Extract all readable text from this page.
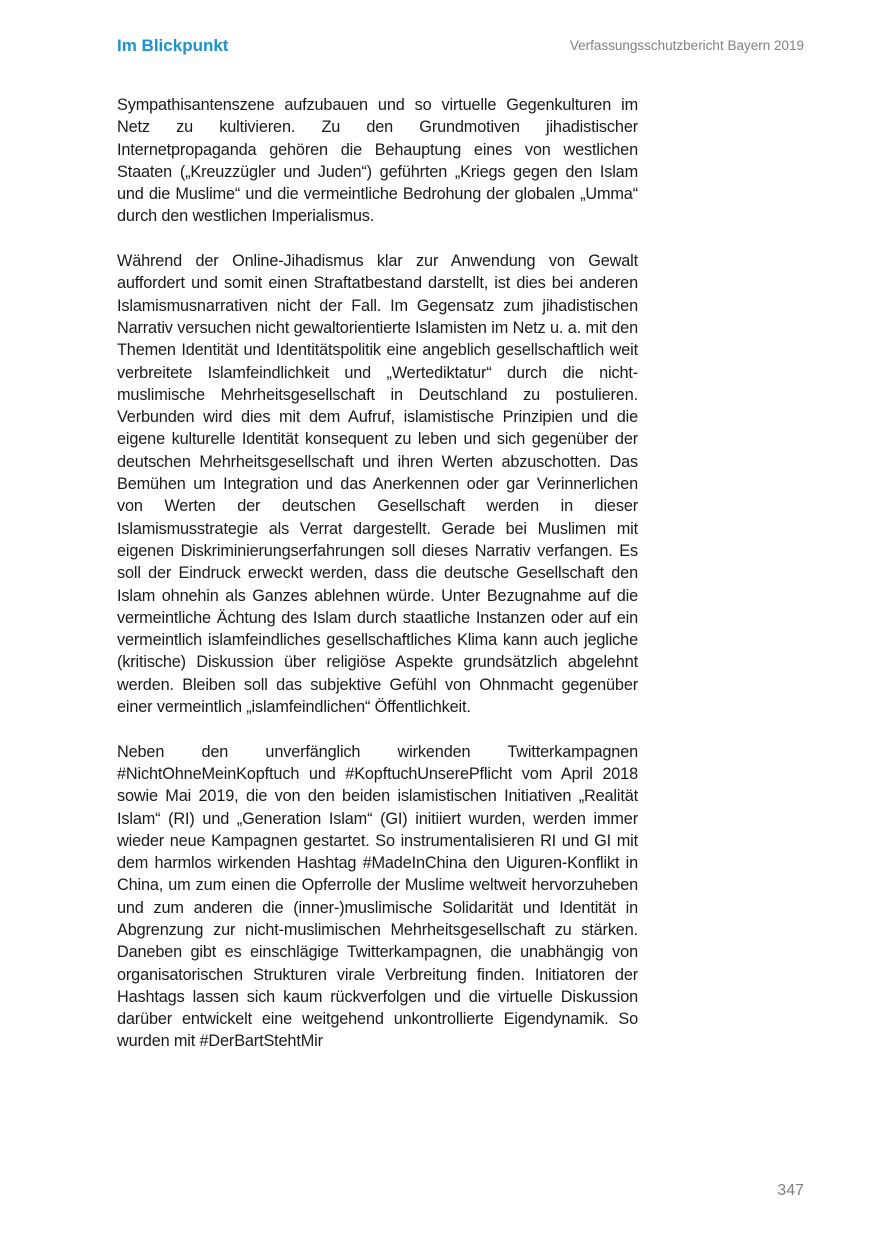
Im Blickpunkt	Verfassungsschutzbericht Bayern 2019

Sympathisantenszene aufzubauen und so virtuelle Gegenkulturen im Netz zu kultivieren. Zu den Grundmotiven jihadistischer Internetpropaganda gehören die Behauptung eines von westlichen Staaten („Kreuzzügler und Juden“) geführten „Kriegs gegen den Islam und die Muslime“ und die vermeintliche Bedrohung der globalen „Umma“ durch den westlichen Imperialismus.

Während der Online-Jihadismus klar zur Anwendung von Gewalt auffordert und somit einen Straftatbestand darstellt, ist dies bei anderen Islamismusnarrativen nicht der Fall. Im Gegensatz zum jihadistischen Narrativ versuchen nicht gewaltorientierte Islamisten im Netz u. a. mit den Themen Identität und Identitätspolitik eine angeblich gesellschaftlich weit verbreitete Islamfeindlichkeit und „Wertediktatur“ durch die nicht-muslimische Mehrheitsgesellschaft in Deutschland zu postulieren. Verbunden wird dies mit dem Aufruf, islamistische Prinzipien und die eigene kulturelle Identität konsequent zu leben und sich gegenüber der deutschen Mehrheitsgesellschaft und ihren Werten abzuschotten. Das Bemühen um Integration und das Anerkennen oder gar Verinnerlichen von Werten der deutschen Gesellschaft werden in dieser Islamismusstrategie als Verrat dargestellt. Gerade bei Muslimen mit eigenen Diskriminierungserfahrungen soll dieses Narrativ verfangen. Es soll der Eindruck erweckt werden, dass die deutsche Gesellschaft den Islam ohnehin als Ganzes ablehnen würde. Unter Bezugnahme auf die vermeintliche Ächtung des Islam durch staatliche Instanzen oder auf ein vermeintlich islamfeindliches gesellschaftliches Klima kann auch jegliche (kritische) Diskussion über religiöse Aspekte grundsätzlich abgelehnt werden. Bleiben soll das subjektive Gefühl von Ohnmacht gegenüber einer vermeintlich „islamfeindlichen“ Öffentlichkeit.

Neben den unverfänglich wirkenden Twitterkampagnen #NichtOhneMeinKopftuch und #KopftuchUnserePflicht vom April 2018 sowie Mai 2019, die von den beiden islamistischen Initiativen „Realität Islam“ (RI) und „Generation Islam“ (GI) initiiert wurden, werden immer wieder neue Kampagnen gestartet. So instrumentalisieren RI und GI mit dem harmlos wirkenden Hashtag #MadeInChina den Uiguren-Konflikt in China, um zum einen die Opferrolle der Muslime weltweit hervorzuheben und zum anderen die (inner-)muslimische Solidarität und Identität in Abgrenzung zur nicht-muslimischen Mehrheitsgesellschaft zu stärken. Daneben gibt es einschlägige Twitterkampagnen, die unabhängig von organisatorischen Strukturen virale Verbreitung finden. Initiatoren der Hashtags lassen sich kaum rückverfolgen und die virtuelle Diskussion darüber entwickelt eine weitgehend unkontrollierte Eigendynamik. So wurden mit #DerBartStehtMir

347
